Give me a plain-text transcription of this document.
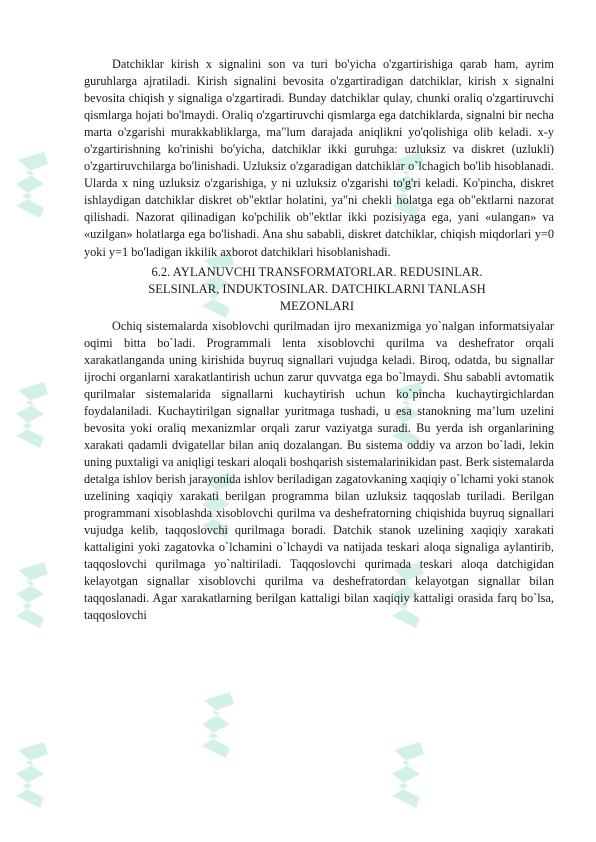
Datchiklar kirish x signalini son va turi bo'yicha o'zgartirishiga qarab ham, ayrim guruhlarga ajratiladi. Kirish signalini bevosita o'zgartiradigan datchiklar, kirish x signalni bevosita chiqish y signaliga o'zgartiradi. Bunday datchiklar qulay, chunki oraliq o'zgartiruvchi qismlarga hojati bo'lmaydi. Oraliq o'zgartiruvchi qismlarga ega datchiklarda, signalni bir necha marta o'zgarishi murakkabliklarga, ma"lum darajada aniqlikni yo'qolishiga olib keladi. x-y o'zgartirishning ko'rinishi bo'yicha, datchiklar ikki guruhga: uzluksiz va diskret (uzlukli) o'zgartiruvchilarga bo'linishadi. Uzluksiz o'zgaradigan datchiklar o`lchagich bo'lib hisoblanadi. Ularda x ning uzluksiz o'zgarishiga, y ni uzluksiz o'zgarishi to'g'ri keladi. Ko'pincha, diskret ishlaydigan datchiklar diskret ob"ektlar holatini, ya"ni chekli holatga ega ob"ektlarni nazorat qilishadi. Nazorat qilinadigan ko'pchilik ob"ektlar ikki pozisiyaga ega, yani «ulangan» va «uzilgan» holatlarga ega bo'lishadi. Ana shu sababli, diskret datchiklar, chiqish miqdorlari y=0 yoki y=1 bo'ladigan ikkilik axborot datchiklari hisoblanishadi.

6.2. AYLANUVCHI TRANSFORMATORLAR. REDUSINLAR. SELSINLAR, INDUKTOSINLAR. DATCHIKLARNI TANLASH MEZONLARI

Ochiq sistemalarda xisoblovchi qurilmadan ijro mexanizmiga yo`nalgan informatsiyalar oqimi bitta bo`ladi. Programmali lenta xisoblovchi qurilma va deshefrator orqali xarakatlanganda uning kirishida buyruq signallari vujudga keladi. Biroq, odatda, bu signallar ijrochi organlarni xarakatlantirish uchun zarur quvvatga ega bo`lmaydi. Shu sababli avtomatik qurilmalar sistemalarida signallarni kuchaytirish uchun ko`pincha kuchaytirgichlardan foydalaniladi. Kuchaytirilgan signallar yuritmaga tushadi, u esa stanokning ma’lum uzelini bevosita yoki oraliq mexanizmlar orqali zarur vaziyatga suradi. Bu yerda ish organlarining xarakati qadamli dvigatellar bilan aniq dozalangan. Bu sistema oddiy va arzon bo`ladi, lekin uning puxtaligi va aniqligi teskari aloqali boshqarish sistemalarinikidan past. Berk sistemalarda detalga ishlov berish jarayonida ishlov beriladigan zagatovkaning xaqiqiy o`lchami yoki stanok uzelining xaqiqiy xarakati berilgan programma bilan uzluksiz taqqoslab turiladi. Berilgan programmani xisoblashda xisoblovchi qurilma va deshefratorning chiqishida buyruq signallari vujudga kelib, taqqoslovchi qurilmaga boradi. Datchik stanok uzelining xaqiqiy xarakati kattaligini yoki zagatovka o`lchamini o`lchaydi va natijada teskari aloqa signaliga aylantirib, taqqoslovchi qurilmaga yo`naltiriladi. Taqqoslovchi qurimada teskari aloqa datchigidan kelayotgan signallar xisoblovchi qurilma va deshefratordan kelayotgan signallar bilan taqqoslanadi. Agar xarakatlarning berilgan kattaligi bilan xaqiqiy kattaligi orasida farq bo`lsa, taqqoslovchi
